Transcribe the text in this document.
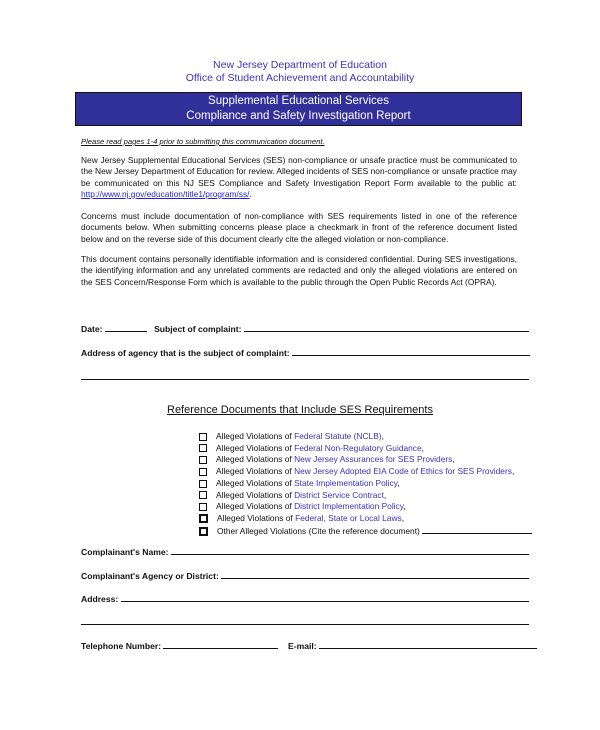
New Jersey Department of Education
Office of Student Achievement and Accountability
Supplemental Educational Services
Compliance and Safety Investigation Report
Please read pages 1-4 prior to submitting this communication document.
New Jersey Supplemental Educational Services (SES) non-compliance or unsafe practice must be communicated to the New Jersey Department of Education for review. Alleged incidents of SES non-compliance or unsafe practice may be communicated on this NJ SES Compliance and Safety Investigation Report Form available to the public at: http://www.nj.gov/education/title1/program/ss/.
Concerns must include documentation of non-compliance with SES requirements listed in one of the reference documents below. When submitting concerns please place a checkmark in front of the reference document listed below and on the reverse side of this document clearly cite the alleged violation or non-compliance.
This document contains personally identifiable information and is considered confidential. During SES investigations, the identifying information and any unrelated comments are redacted and only the alleged violations are entered on the SES Concern/Response Form which is available to the public through the Open Public Records Act (OPRA).
Date:	Subject of complaint:
Address of agency that is the subject of complaint:
Reference Documents that Include SES Requirements
Alleged Violations of Federal Statute (NCLB),
Alleged Violations of Federal Non-Regulatory Guidance,
Alleged Violations of New Jersey Assurances for SES Providers,
Alleged Violations of New Jersey Adopted EIA Code of Ethics for SES Providers,
Alleged Violations of State Implementation Policy,
Alleged Violations of District Service Contract,
Alleged Violations of District Implementation Policy,
Alleged Violations of Federal, State or Local Laws,
Other Alleged Violations (Cite the reference document)
Complainant's Name:
Complainant's Agency or District:
Address:
Telephone Number:	E-mail:
